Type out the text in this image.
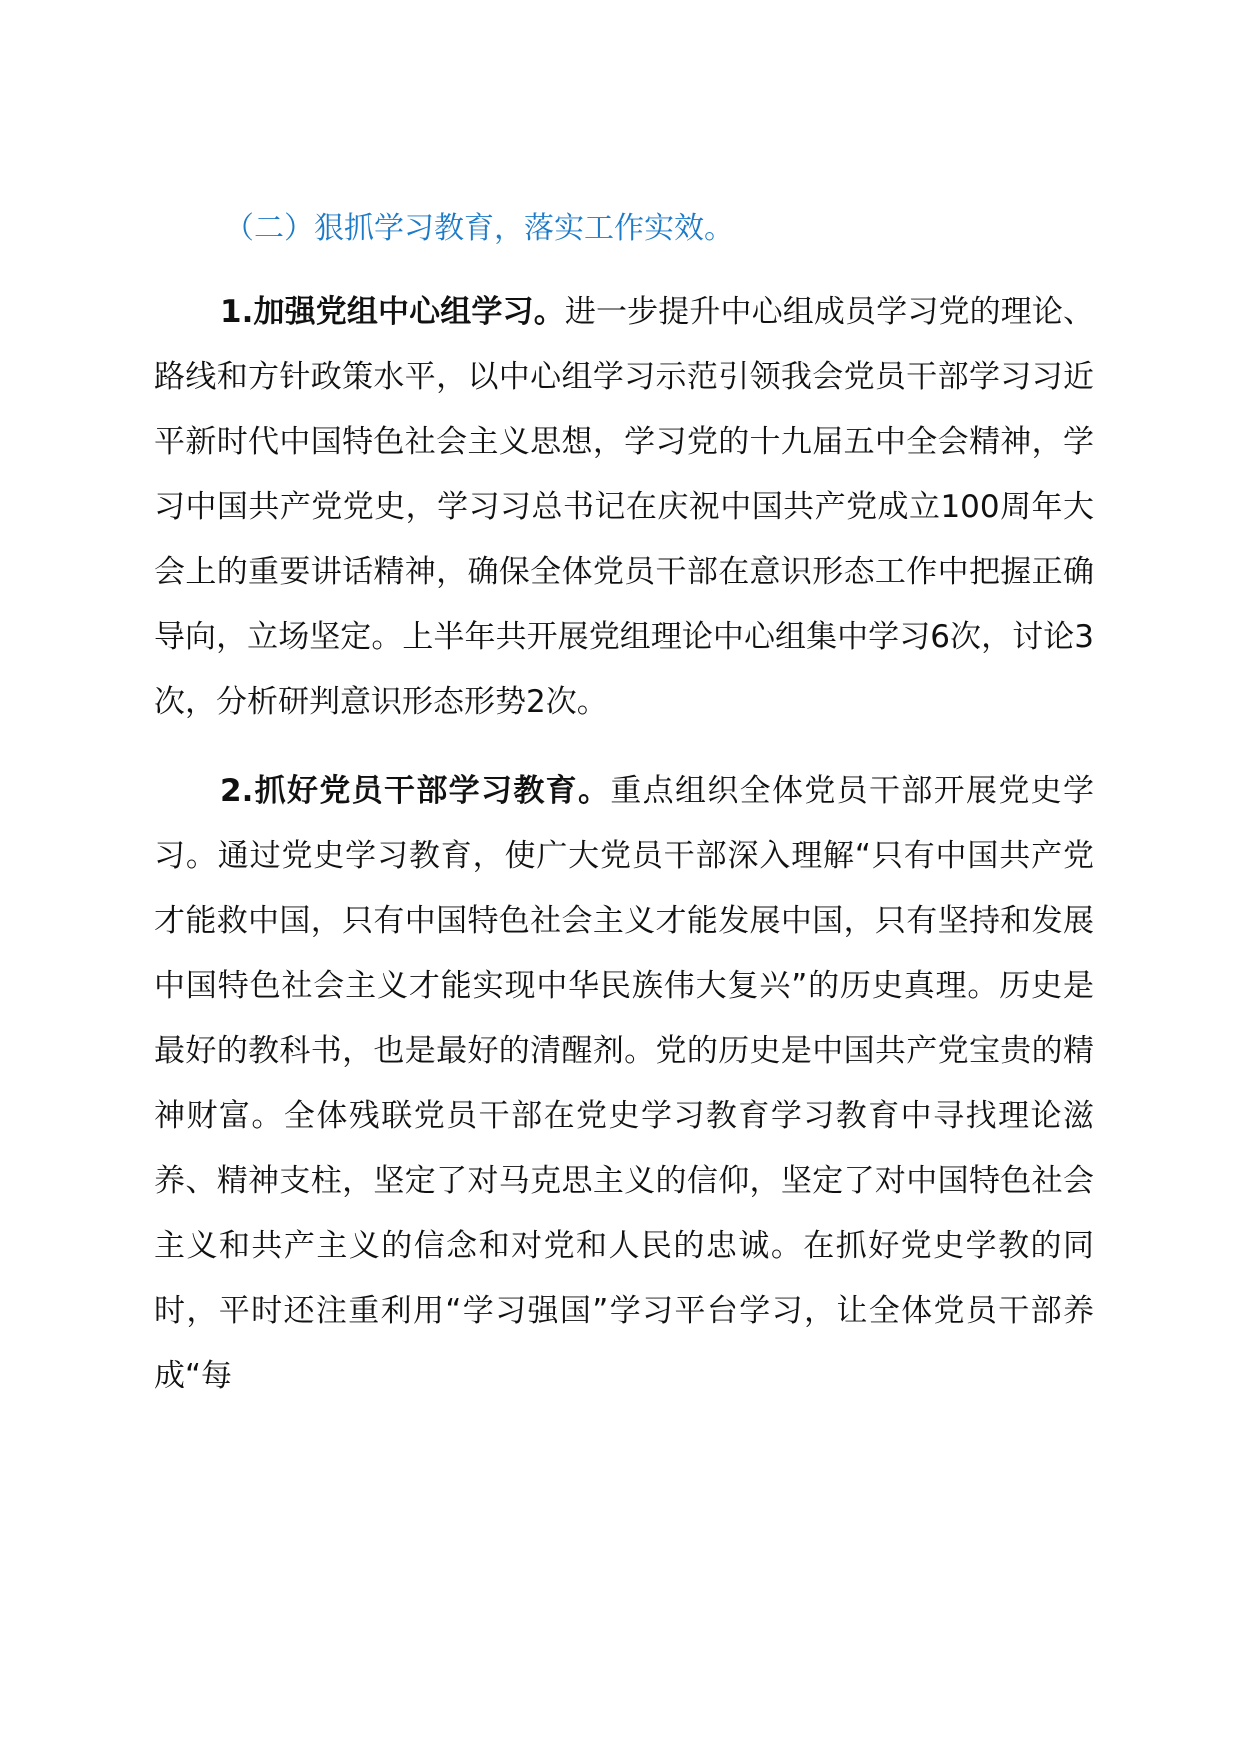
（二）狠抓学习教育，落实工作实效。

1.加强党组中心组学习。进一步提升中心组成员学习党的理论、路线和方针政策水平，以中心组学习示范引领我会党员干部学习习近平新时代中国特色社会主义思想，学习党的十九届五中全会精神，学习中国共产党党史，学习习总书记在庆祝中国共产党成立100周年大会上的重要讲话精神，确保全体党员干部在意识形态工作中把握正确导向，立场坚定。上半年共开展党组理论中心组集中学习6次，讨论3次，分析研判意识形态形势2次。

2.抓好党员干部学习教育。重点组织全体党员干部开展党史学习。通过党史学习教育，使广大党员干部深入理解“只有中国共产党才能救中国，只有中国特色社会主义才能发展中国，只有坚持和发展中国特色社会主义才能实现中华民族伟大复兴”的历史真理。历史是最好的教科书，也是最好的清醒剂。党的历史是中国共产党宝贵的精神财富。全体残联党员干部在党史学习教育学习教育中寻找理论滋养、精神支柱，坚定了对马克思主义的信仰，坚定了对中国特色社会主义和共产主义的信念和对党和人民的忠诚。在抓好党史学教的同时，平时还注重利用“学习强国”学习平台学习，让全体党员干部养成“每
